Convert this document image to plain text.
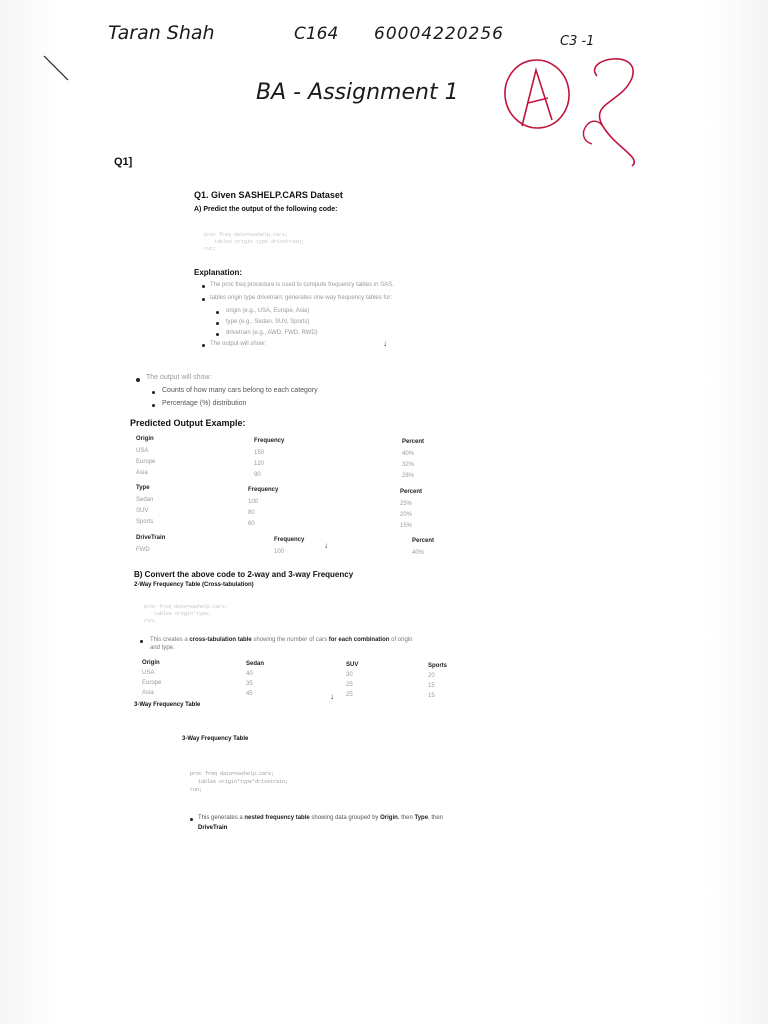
Taran Shah	C164 60004220256	C3 -1
BA - Assignment 1
Q1]
Q1. Given SASHELP.CARS Dataset
A) Predict the output of the following code:
proc freq data=sashelp.cars;
tables origin type drivetrain;
run;
Explanation:
The proc freq procedure is used to compute frequency tables in SAS.
tables origin type drivetrain; generates one-way frequency tables for:
origin (e.g., USA, Europe, Asia)
type (e.g., Sedan, SUV, Sports)
drivetrain (e.g., AWD, FWD, RWD)
The output will show:	↓
The output will show:
Counts of how many cars belong to each category
Percentage (%) distribution
Predicted Output Example:
Origin	Frequency	Percent
USA	150	40%
Europe	120	32%
Asia	90	28%
Type	Frequency	Percent
Sedan	100	25%
SUV	80	20%
Sports	60	15%
DriveTrain	Frequency	Percent
FWD	100	40%
↓
B) Convert the above code to 2-way and 3-way Frequency
2-Way Frequency Table (Cross-tabulation)
proc freq data=sashelp.cars;
tables origin*type;
run;
This creates a cross-tabulation table showing the number of cars for each combination of origin
and type.
Origin	Sedan	SUV	Sports
USA	40	30	20
Europe	35	25	15
Asia	45	25	15
↓
3-Way Frequency Table
3-Way Frequency Table
proc freq data=sashelp.cars;
tables origin*type*drivetrain;
run;
This generates a nested frequency table showing data grouped by Origin, then Type, then
DriveTrain
